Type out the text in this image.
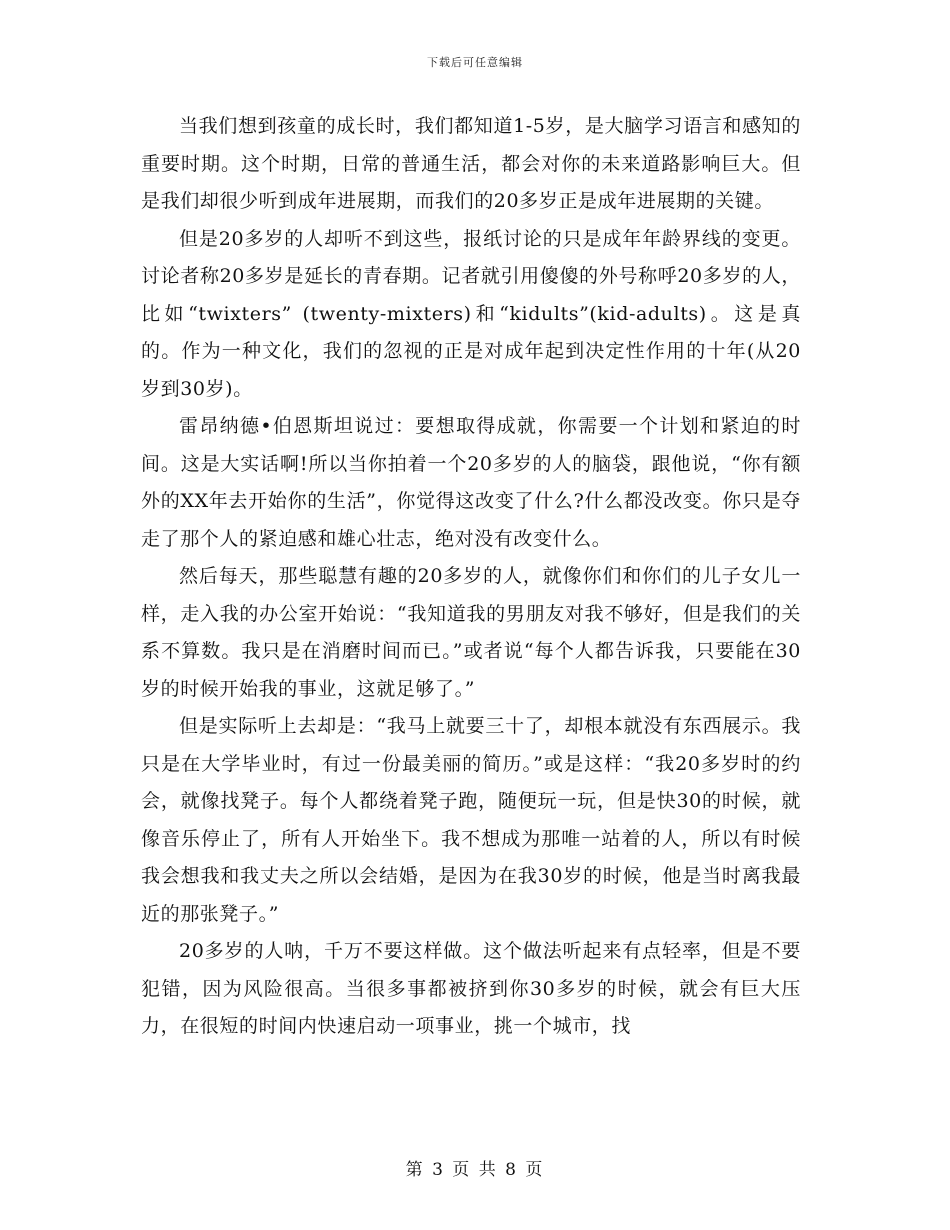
下载后可任意编辑

当我们想到孩童的成长时，我们都知道1-5岁，是大脑学习语言和感知的重要时期。这个时期，日常的普通生活，都会对你的未来道路影响巨大。但是我们却很少听到成年进展期，而我们的20多岁正是成年进展期的关键。

但是20多岁的人却听不到这些，报纸讨论的只是成年年龄界线的变更。讨论者称20多岁是延长的青春期。记者就引用傻傻的外号称呼20多岁的人，比如“twixters” (twenty-mixters)和“kidults”(kid-adults)。这是真的。作为一种文化，我们的忽视的正是对成年起到决定性作用的十年(从20岁到30岁)。

雷昂纳德•伯恩斯坦说过：要想取得成就，你需要一个计划和紧迫的时间。这是大实话啊!所以当你拍着一个20多岁的人的脑袋，跟他说，“你有额外的XX年去开始你的生活”，你觉得这改变了什么?什么都没改变。你只是夺走了那个人的紧迫感和雄心壮志，绝对没有改变什么。

然后每天，那些聪慧有趣的20多岁的人，就像你们和你们的儿子女儿一样，走入我的办公室开始说：“我知道我的男朋友对我不够好，但是我们的关系不算数。我只是在消磨时间而已。”或者说“每个人都告诉我，只要能在30岁的时候开始我的事业，这就足够了。”

但是实际听上去却是：“我马上就要三十了，却根本就没有东西展示。我只是在大学毕业时，有过一份最美丽的简历。”或是这样：“我20多岁时的约会，就像找凳子。每个人都绕着凳子跑，随便玩一玩，但是快30的时候，就像音乐停止了，所有人开始坐下。我不想成为那唯一站着的人，所以有时候我会想我和我丈夫之所以会结婚，是因为在我30岁的时候，他是当时离我最近的那张凳子。”

20多岁的人呐，千万不要这样做。这个做法听起来有点轻率，但是不要犯错，因为风险很高。当很多事都被挤到你30多岁的时候，就会有巨大压力，在很短的时间内快速启动一项事业，挑一个城市，找

第 3 页 共 8 页
